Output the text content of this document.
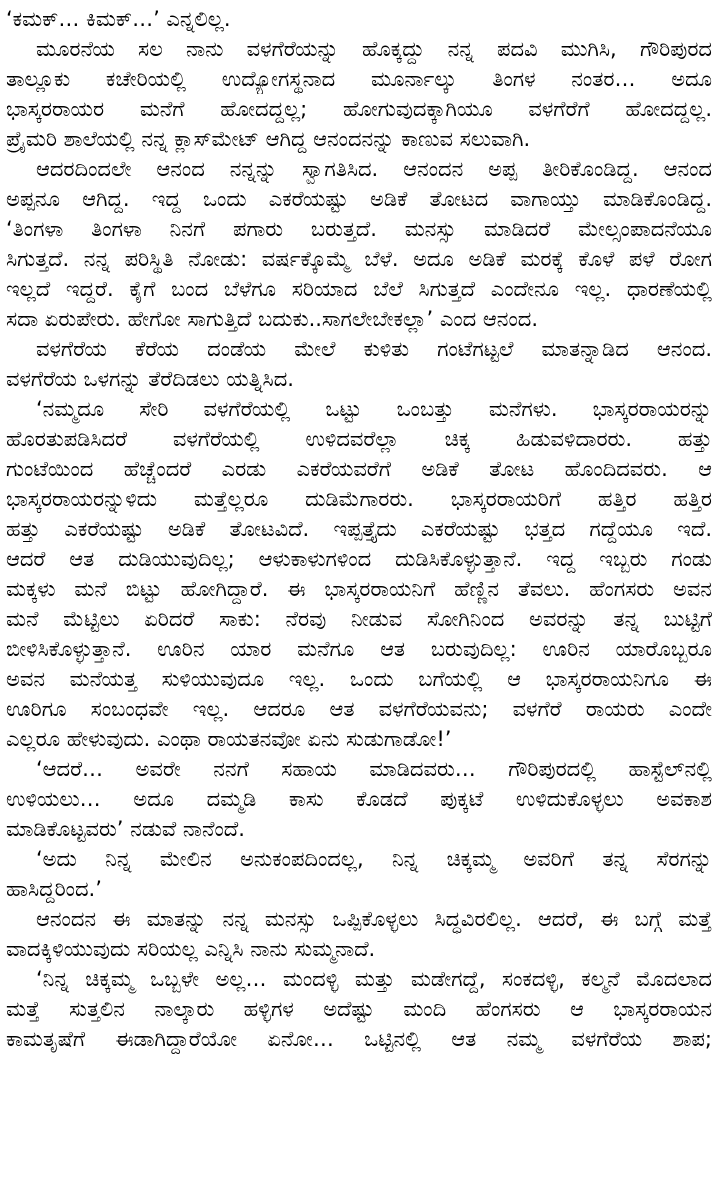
‘ಕಮಕ್… ಕಿಮಕ್…’ ಎನ್ನಲಿಲ್ಲ.
ಮೂರನೆಯ ಸಲ ನಾನು ವಳಗೆರೆಯನ್ನು ಹೊಕ್ಕದ್ದು ನನ್ನ ಪದವಿ ಮುಗಿಸಿ, ಗೌರಿಪುರದ
ತಾಲ್ಲೂಕು ಕಚೇರಿಯಲ್ಲಿ ಉದ್ಯೋಗಸ್ಥನಾದ ಮೂರ್ನಾಲ್ಕು ತಿಂಗಳ ನಂತರ… ಅದೂ
ಭಾಸ್ಕರರಾಯರ ಮನೆಗೆ ಹೋದದ್ದಲ್ಲ; ಹೋಗುವುದಕ್ಕಾಗಿಯೂ ವಳಗೆರೆಗೆ ಹೋದದ್ದಲ್ಲ.
ಪ್ರೈಮರಿ ಶಾಲೆಯಲ್ಲಿ ನನ್ನ ಕ್ಲಾಸ್‌ಮೇಟ್ ಆಗಿದ್ದ ಆನಂದನನ್ನು ಕಾಣುವ ಸಲುವಾಗಿ.
ಆದರದಿಂದಲೇ ಆನಂದ ನನ್ನನ್ನು ಸ್ವಾಗತಿಸಿದ. ಆನಂದನ ಅಪ್ಪ ತೀರಿಕೊಂಡಿದ್ದ. ಆನಂದ
ಅಪ್ಪನೂ ಆಗಿದ್ದ. ಇದ್ದ ಒಂದು ಎಕರೆಯಷ್ಟು ಅಡಿಕೆ ತೋಟದ ವಾಗಾಯ್ತು ಮಾಡಿಕೊಂಡಿದ್ದ.
‘ತಿಂಗಳಾ ತಿಂಗಳಾ ನಿನಗೆ ಪಗಾರು ಬರುತ್ತದೆ. ಮನಸ್ಸು ಮಾಡಿದರೆ ಮೇಲ್ಸಂಪಾದನೆಯೂ
ಸಿಗುತ್ತದೆ. ನನ್ನ ಪರಿಸ್ಥಿತಿ ನೋಡು: ವರ್ಷಕ್ಕೊಮ್ಮೆ ಬೆಳೆ. ಅದೂ ಅಡಿಕೆ ಮರಕ್ಕೆ ಕೊಳೆ ಪಳೆ ರೋಗ
ಇಲ್ಲದೆ ಇದ್ದರೆ. ಕೈಗೆ ಬಂದ ಬೆಳೆಗೂ ಸರಿಯಾದ ಬೆಲೆ ಸಿಗುತ್ತದೆ ಎಂದೇನೂ ಇಲ್ಲ. ಧಾರಣೆಯಲ್ಲಿ
ಸದಾ ಏರುಪೇರು. ಹೇಗೋ ಸಾಗುತ್ತಿದೆ ಬದುಕು..ಸಾಗಲೇಬೇಕಲ್ಲಾ’ ಎಂದ ಆನಂದ.
ವಳಗೆರೆಯ ಕೆರೆಯ ದಂಡೆಯ ಮೇಲೆ ಕುಳಿತು ಗಂಟೆಗಟ್ಟಲೆ ಮಾತನ್ನಾಡಿದ ಆನಂದ.
ವಳಗೆರೆಯ ಒಳಗನ್ನು ತೆರೆದಿಡಲು ಯತ್ನಿಸಿದ.
‘ನಮ್ಮದೂ ಸೇರಿ ವಳಗೆರೆಯಲ್ಲಿ ಒಟ್ಟು ಒಂಬತ್ತು ಮನೆಗಳು. ಭಾಸ್ಕರರಾಯರನ್ನು
ಹೊರತುಪಡಿಸಿದರೆ ವಳಗೆರೆಯಲ್ಲಿ ಉಳಿದವರೆಲ್ಲಾ ಚಿಕ್ಕ ಹಿಡುವಳಿದಾರರು. ಹತ್ತು
ಗುಂಟೆಯಿಂದ ಹೆಚ್ಚೆಂದರೆ ಎರಡು ಎಕರೆಯವರೆಗೆ ಅಡಿಕೆ ತೋಟ ಹೊಂದಿದವರು. ಆ
ಭಾಸ್ಕರರಾಯರನ್ನುಳಿದು ಮತ್ತೆಲ್ಲರೂ ದುಡಿಮೆಗಾರರು. ಭಾಸ್ಕರರಾಯರಿಗೆ ಹತ್ತಿರ ಹತ್ತಿರ
ಹತ್ತು ಎಕರೆಯಷ್ಟು ಅಡಿಕೆ ತೋಟವಿದೆ. ಇಪ್ಪತ್ತೈದು ಎಕರೆಯಷ್ಟು ಭತ್ತದ ಗದ್ದೆಯೂ ಇದೆ.
ಆದರೆ ಆತ ದುಡಿಯುವುದಿಲ್ಲ; ಆಳುಕಾಳುಗಳಿಂದ ದುಡಿಸಿಕೊಳ್ಳುತ್ತಾನೆ. ಇದ್ದ ಇಬ್ಬರು ಗಂಡು
ಮಕ್ಕಳು ಮನೆ ಬಿಟ್ಟು ಹೋಗಿದ್ದಾರೆ. ಈ ಭಾಸ್ಕರರಾಯನಿಗೆ ಹೆಣ್ಣಿನ ತೆವಲು. ಹೆಂಗಸರು ಅವನ
ಮನೆ ಮೆಟ್ಟಿಲು ಏರಿದರೆ ಸಾಕು: ನೆರವು ನೀಡುವ ಸೋಗಿನಿಂದ ಅವರನ್ನು ತನ್ನ ಬುಟ್ಟಿಗೆ
ಬೀಳಿಸಿಕೊಳ್ಳುತ್ತಾನೆ. ಊರಿನ ಯಾರ ಮನೆಗೂ ಆತ ಬರುವುದಿಲ್ಲ: ಊರಿನ ಯಾರೊಬ್ಬರೂ
ಅವನ ಮನೆಯತ್ತ ಸುಳಿಯುವುದೂ ಇಲ್ಲ. ಒಂದು ಬಗೆಯಲ್ಲಿ ಆ ಭಾಸ್ಕರರಾಯನಿಗೂ ಈ
ಊರಿಗೂ ಸಂಬಂಧವೇ ಇಲ್ಲ. ಆದರೂ ಆತ ವಳಗೆರೆಯವನು; ವಳಗೆರೆ ರಾಯರು ಎಂದೇ
ಎಲ್ಲರೂ ಹೇಳುವುದು. ಎಂಥಾ ರಾಯತನವೋ ಏನು ಸುಡುಗಾಡೋ!’
‘ಆದರೆ… ಅವರೇ ನನಗೆ ಸಹಾಯ ಮಾಡಿದವರು… ಗೌರಿಪುರದಲ್ಲಿ ಹಾಸ್ಟೆಲ್‌ನಲ್ಲಿ
ಉಳಿಯಲು… ಅದೂ ದಮ್ಮಡಿ ಕಾಸು ಕೊಡದೆ ಪುಕ್ಕಟೆ ಉಳಿದುಕೊಳ್ಳಲು ಅವಕಾಶ
ಮಾಡಿಕೊಟ್ಟವರು’ ನಡುವೆ ನಾನೆಂದೆ.
‘ಅದು ನಿನ್ನ ಮೇಲಿನ ಅನುಕಂಪದಿಂದಲ್ಲ, ನಿನ್ನ ಚಿಕ್ಕಮ್ಮ ಅವರಿಗೆ ತನ್ನ ಸೆರಗನ್ನು
ಹಾಸಿದ್ದರಿಂದ.’
ಆನಂದನ ಈ ಮಾತನ್ನು ನನ್ನ ಮನಸ್ಸು ಒಪ್ಪಿಕೊಳ್ಳಲು ಸಿದ್ಧವಿರಲಿಲ್ಲ. ಆದರೆ, ಈ ಬಗ್ಗೆ ಮತ್ತೆ
ವಾದಕ್ಕಿಳಿಯುವುದು ಸರಿಯಲ್ಲ ಎನ್ನಿಸಿ ನಾನು ಸುಮ್ಮನಾದೆ.
‘ನಿನ್ನ ಚಿಕ್ಕಮ್ಮ ಒಬ್ಬಳೇ ಅಲ್ಲ… ಮಂದಳ್ಳಿ ಮತ್ತು ಮಡೇಗದ್ದೆ, ಸಂಕದಳ್ಳಿ, ಕಲ್ಮನೆ ಮೊದಲಾದ
ಮತ್ತೆ ಸುತ್ತಲಿನ ನಾಲ್ಕಾರು ಹಳ್ಳಿಗಳ ಅದೆಷ್ಟು ಮಂದಿ ಹೆಂಗಸರು ಆ ಭಾಸ್ಕರರಾಯನ
ಕಾಮತೃಷೆಗೆ ಈಡಾಗಿದ್ದಾರೆಯೋ ಏನೋ… ಒಟ್ಟಿನಲ್ಲಿ ಆತ ನಮ್ಮ ವಳಗೆರೆಯ ಶಾಪ;
